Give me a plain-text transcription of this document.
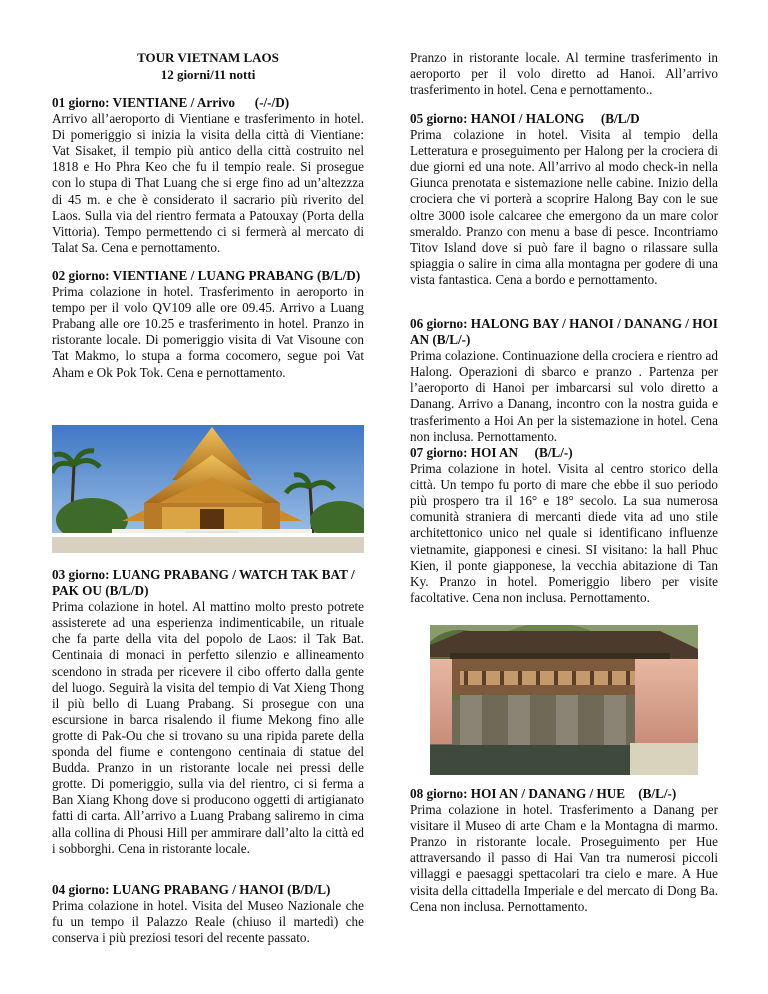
TOUR VIETNAM LAOS
12 giorni/11 notti
01 giorno: VIENTIANE / Arrivo      (-/-/D)

Arrivo all’aeroporto di Vientiane e trasferimento in hotel. Di pomeriggio si inizia la visita della città di Vientiane: Vat Sisaket, il tempio più antico della città costruito nel 1818 e Ho Phra Keo che fu il tempio reale. Si prosegue con lo stupa di That Luang che si erge fino ad un’altezzza di 45 m. e che è considerato il sacrario più riverito del Laos. Sulla via del rientro fermata a Patouxay (Porta della Vittoria). Tempo permettendo ci si fermerà al mercato di Talat Sa. Cena e pernottamento.

02 giorno: VIENTIANE / LUANG PRABANG (B/L/D)

Prima colazione in hotel. Trasferimento in aeroporto in tempo per il volo QV109 alle ore 09.45. Arrivo a Luang Prabang alle ore 10.25 e trasferimento in hotel. Pranzo in ristorante locale. Di pomeriggio visita di Vat Visoune con Tat Makmo, lo stupa a forma cocomero, segue poi Vat Aham e Ok Pok Tok. Cena e pernottamento.

03 giorno: LUANG PRABANG / WATCH TAK BAT / PAK OU (B/L/D)

Prima colazione in hotel. Al mattino molto presto potrete assisterete ad una esperienza indimenticabile, un rituale che fa parte della vita del popolo de Laos: il Tak Bat. Centinaia di monaci in perfetto silenzio e allineamento scendono in strada per ricevere il cibo offerto dalla gente del luogo. Seguirà la visita del tempio di Vat Xieng Thong il più bello di Luang Prabang. Si prosegue con una escursione in barca risalendo il fiume Mekong fino alle grotte di Pak-Ou che si trovano su una ripida parete della sponda del fiume e contengono centinaia di statue del Budda. Pranzo in un ristorante locale nei pressi delle grotte. Di pomeriggio, sulla via del rientro, ci si ferma a Ban Xiang Khong dove si producono oggetti di artigianato fatti di carta. All’arrivo a Luang Prabang saliremo in cima alla collina di Phousi Hill per ammirare dall’alto la città ed i sobborghi. Cena in ristorante locale.

04 giorno: LUANG PRABANG / HANOI (B/D/L)

Prima colazione in hotel. Visita del Museo Nazionale che fu un tempo il Palazzo Reale (chiuso il martedì) che conserva i più preziosi tesori del recente passato.

Pranzo in ristorante locale. Al termine trasferimento in aeroporto per il volo diretto ad Hanoi. All’arrivo trasferimento in hotel. Cena e pernottamento..

05 giorno: HANOI / HALONG     (B/L/D

Prima colazione in hotel. Visita al tempio della Letteratura e proseguimento per Halong per la crociera di due giorni ed una note. All’arrivo al modo check-in nella Giunca prenotata e sistemazione nelle cabine. Inizio della crociera che vi porterà a scoprire Halong Bay con le sue oltre 3000 isole calcaree che emergono da un mare color smeraldo. Pranzo con menu a base di pesce. Incontriamo Titov Island dove si può fare il bagno o rilassare sulla spiaggia o salire in cima alla montagna per godere di una vista fantastica. Cena a bordo e pernottamento.

06 giorno: HALONG BAY / HANOI / DANANG / HOI AN (B/L/-)

Prima colazione. Continuazione della crociera e rientro ad Halong. Operazioni di sbarco e pranzo . Partenza per l’aeroporto di Hanoi per imbarcarsi sul volo diretto a Danang. Arrivo a Danang, incontro con la nostra guida e trasferimento a Hoi An per la sistemazione in hotel. Cena non inclusa. Pernottamento.

07 giorno: HOI AN     (B/L/-)

Prima colazione in hotel. Visita al centro storico della città. Un tempo fu porto di mare che ebbe il suo periodo più prospero tra il 16° e 18° secolo. La sua numerosa comunità straniera di mercanti diede vita ad uno stile architettonico unico nel quale si identificano influenze vietnamite, giapponesi e cinesi. SI visitano: la hall Phuc Kien, il ponte giapponese, la vecchia abitazione di Tan Ky. Pranzo in hotel. Pomeriggio libero per visite facoltative. Cena non inclusa. Pernottamento.

08 giorno: HOI AN / DANANG / HUE    (B/L/-)

Prima colazione in hotel. Trasferimento a Danang per visitare il Museo di arte Cham e la Montagna di marmo. Pranzo in ristorante locale. Proseguimento per Hue attraversando il passo di Hai Van tra numerosi piccoli villaggi e paesaggi spettacolari tra cielo e mare. A Hue visita della cittadella Imperiale e del mercato di Dong Ba. Cena non inclusa. Pernottamento.
